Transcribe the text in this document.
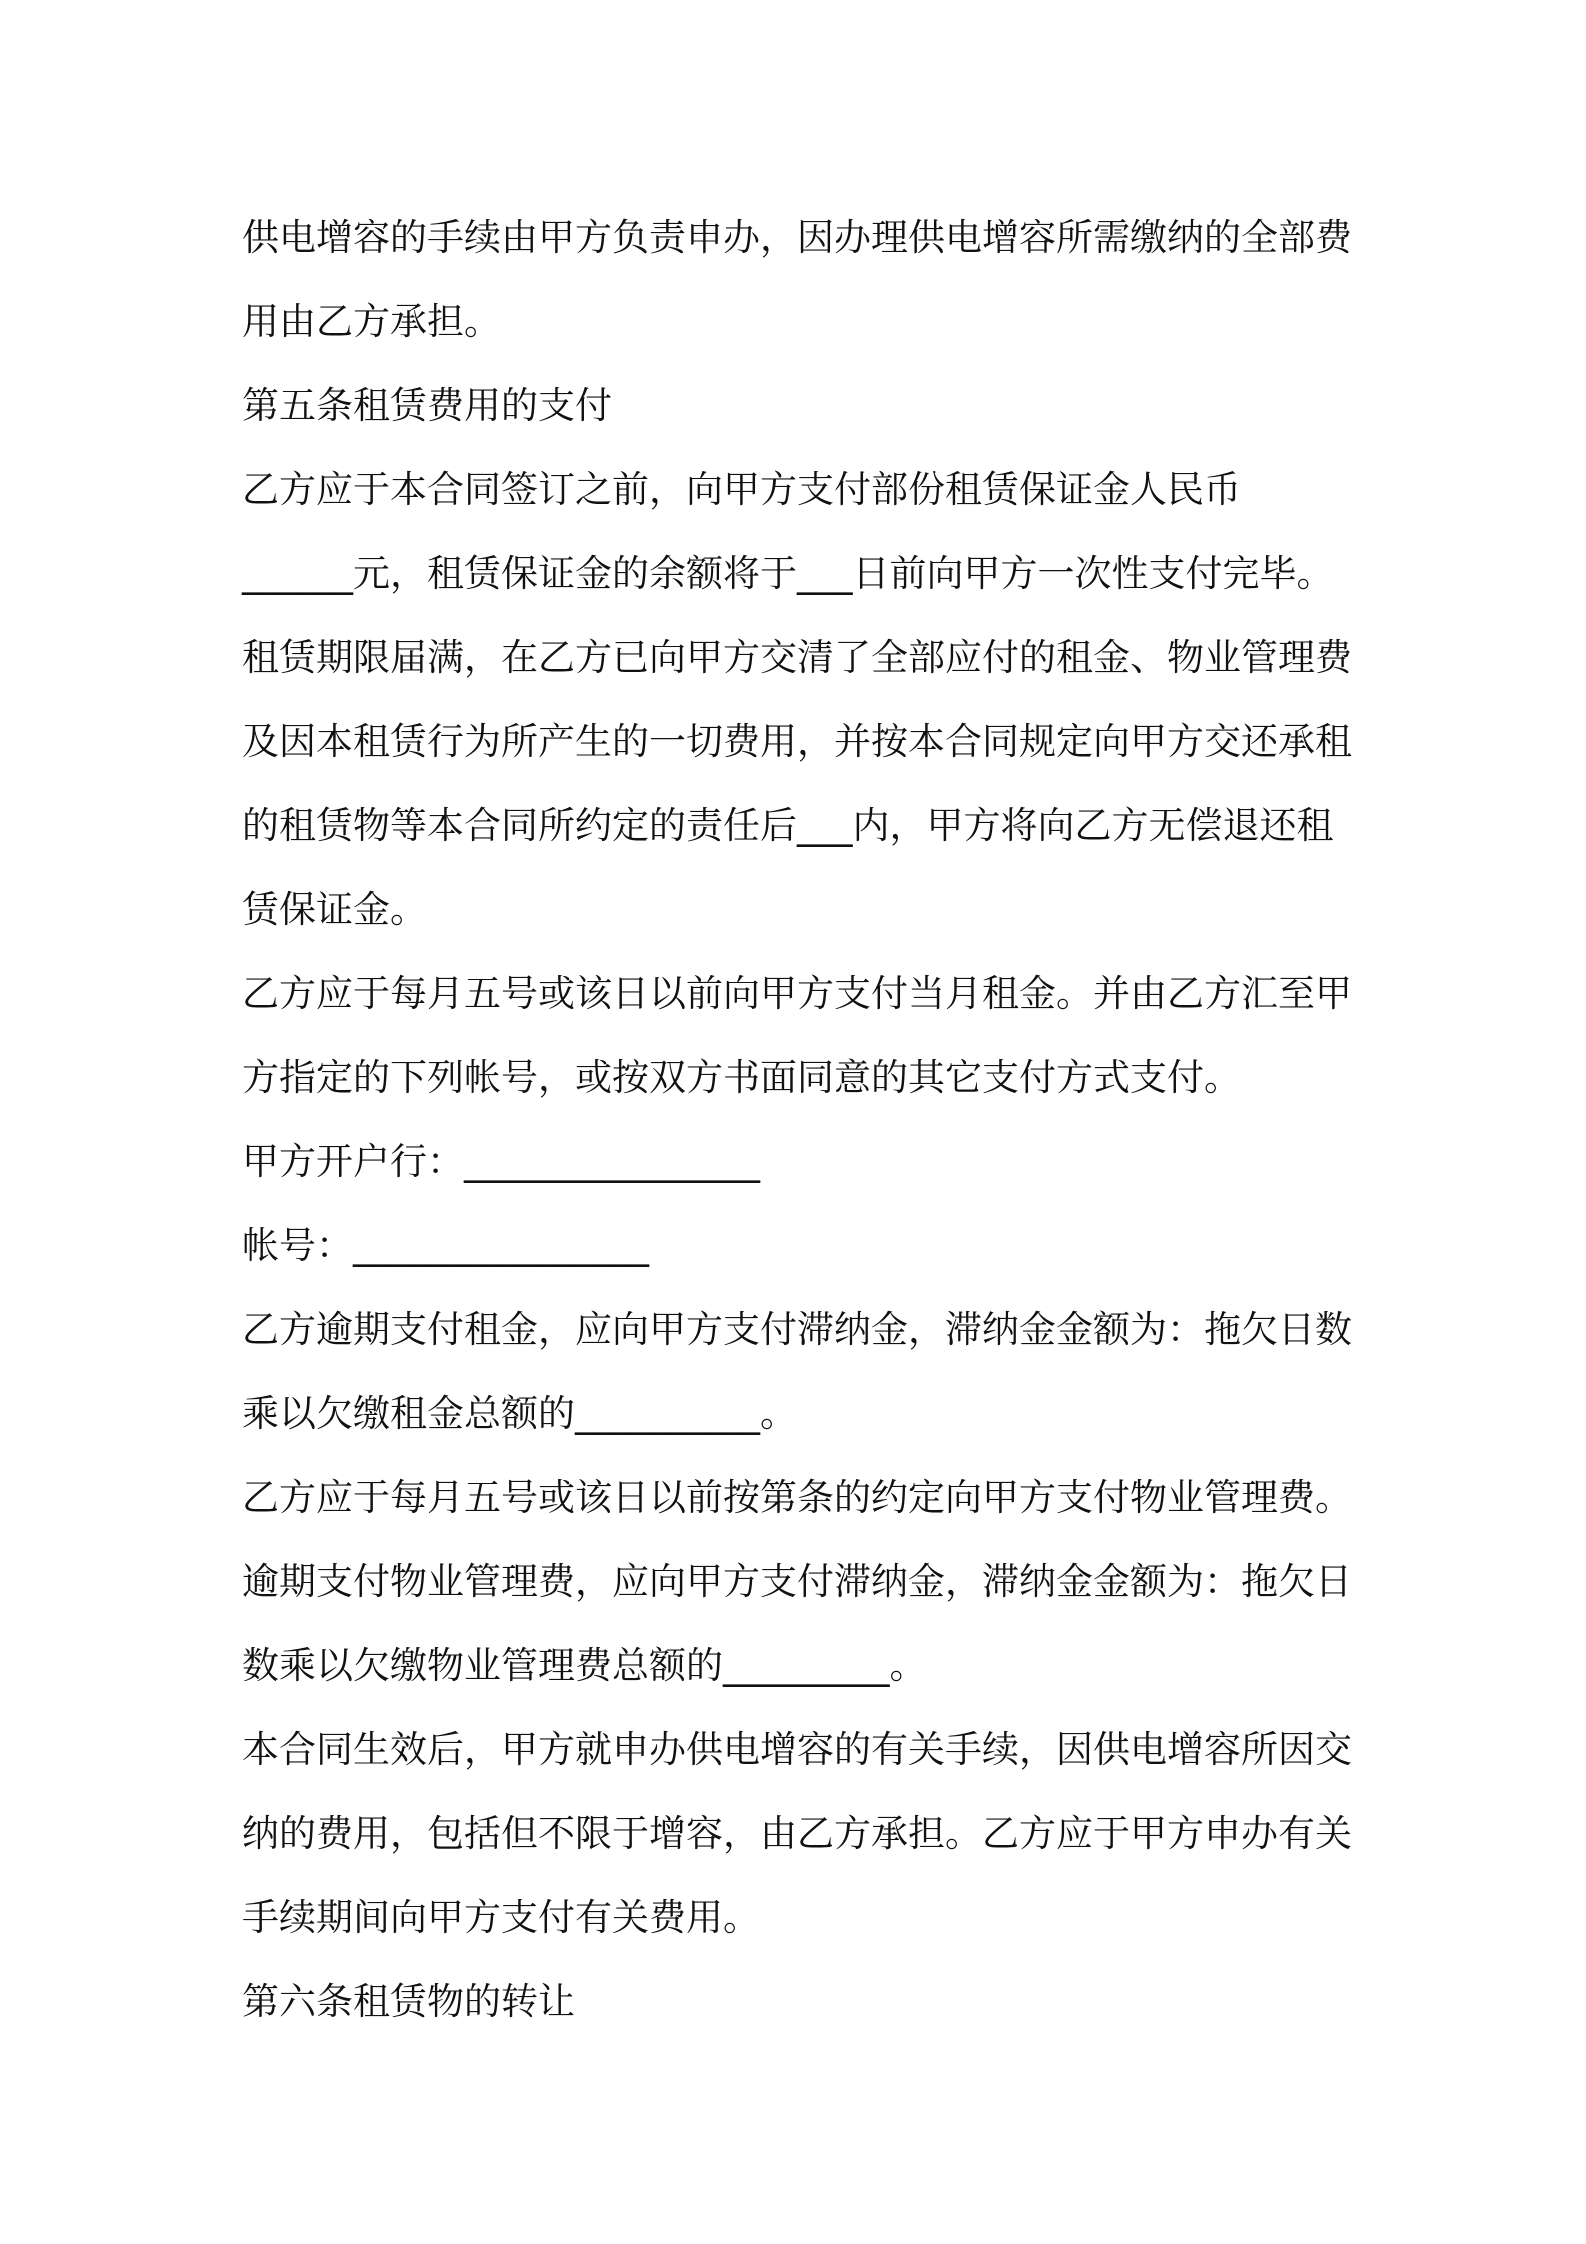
供电增容的手续由甲方负责申办，因办理供电增容所需缴纳的全部费
用由乙方承担。
第五条租赁费用的支付
乙方应于本合同签订之前，向甲方支付部份租赁保证金人民币
______元，租赁保证金的余额将于___日前向甲方一次性支付完毕。
租赁期限届满，在乙方已向甲方交清了全部应付的租金、物业管理费
及因本租赁行为所产生的一切费用，并按本合同规定向甲方交还承租
的租赁物等本合同所约定的责任后___内，甲方将向乙方无偿退还租
赁保证金。
乙方应于每月五号或该日以前向甲方支付当月租金。并由乙方汇至甲
方指定的下列帐号，或按双方书面同意的其它支付方式支付。
甲方开户行：________________
帐号：________________
乙方逾期支付租金，应向甲方支付滞纳金，滞纳金金额为：拖欠日数
乘以欠缴租金总额的__________。
乙方应于每月五号或该日以前按第条的约定向甲方支付物业管理费。
逾期支付物业管理费，应向甲方支付滞纳金，滞纳金金额为：拖欠日
数乘以欠缴物业管理费总额的_________。
本合同生效后，甲方就申办供电增容的有关手续，因供电增容所因交
纳的费用，包括但不限于增容，由乙方承担。乙方应于甲方申办有关
手续期间向甲方支付有关费用。
第六条租赁物的转让
